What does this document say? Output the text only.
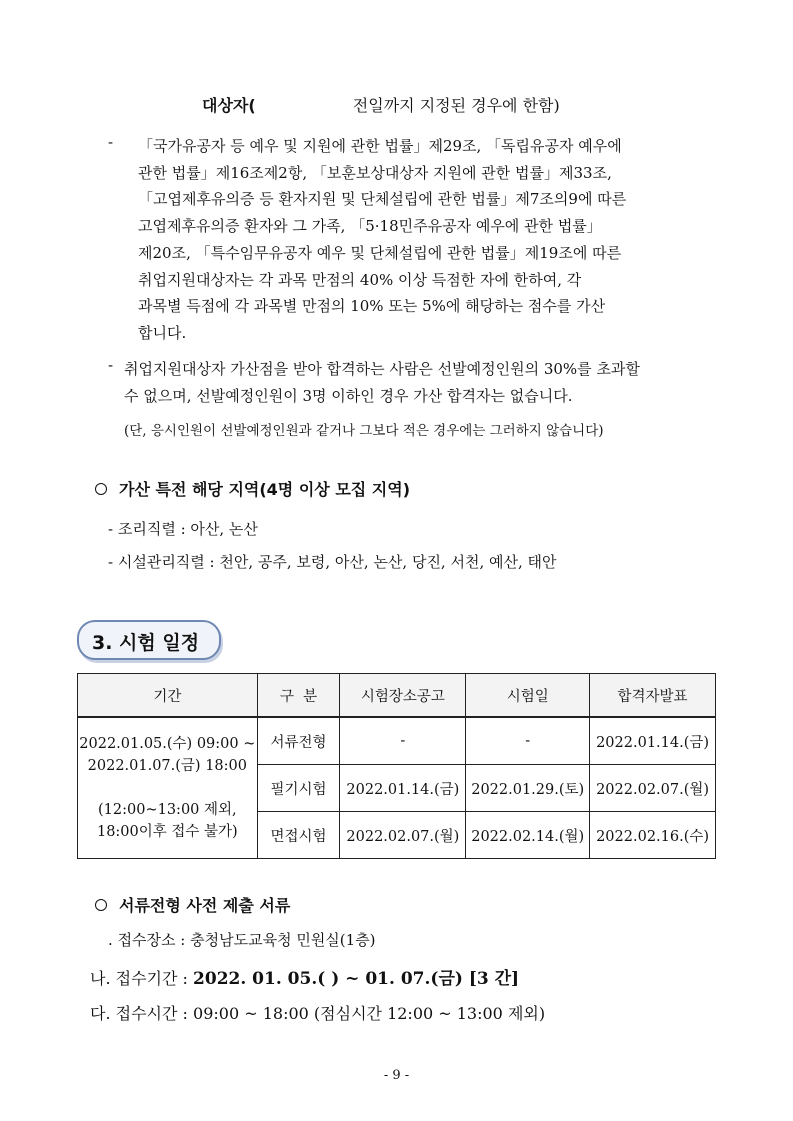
대상자(	전일까지 지정된 경우에 한함)
- 「국가유공자 등 예우 및 지원에 관한 법률」제29조, 「독립유공자 예우에
관한 법률」제16조제2항, 「보훈보상대상자 지원에 관한 법률」제33조,
「고엽제후유의증 등 환자지원 및 단체설립에 관한 법률」제7조의9에 따른
고엽제후유의증 환자와 그 가족, 「5·18민주유공자 예우에 관한 법률」
제20조, 「특수임무유공자 예우 및 단체설립에 관한 법률」제19조에 따른
취업지원대상자는 각 과목 만점의 40% 이상 득점한 자에 한하여, 각
과목별 득점에 각 과목별 만점의 10% 또는 5%에 해당하는 점수를 가산
합니다.
- 취업지원대상자 가산점을 받아 합격하는 사람은 선발예정인원의 30%를 초과할
수 없으며, 선발예정인원이 3명 이하인 경우 가산 합격자는 없습니다.
(단, 응시인원이 선발예정인원과 같거나 그보다 적은 경우에는 그러하지 않습니다)
가산 특전 해당 지역(4명 이상 모집 지역)
- 조리직렬 : 아산, 논산
- 시설관리직렬 : 천안, 공주, 보령, 아산, 논산, 당진, 서천, 예산, 태안
3. 시험 일정
기간	구  분	시험장소공고	시험일	합격자발표

2022.01.05.(수) 09:00 ~
2022.01.07.(금) 18:00
(12:00~13:00 제외,
18:00이후 접수 불가)	서류전형	-	-	2022.01.14.(금)
	필기시험	2022.01.14.(금)	2022.01.29.(토)	2022.02.07.(월)
	면접시험	2022.02.07.(월)	2022.02.14.(월)	2022.02.16.(수)
서류전형 사전 제출 서류
. 접수장소 : 충청남도교육청 민원실(1층)
나. 접수기간 : 2022. 01. 05.( ) ~ 01. 07.(금) [3 간]
다. 접수시간 : 09:00 ~ 18:00 (점심시간 12:00 ~ 13:00 제외)
- 9 -
